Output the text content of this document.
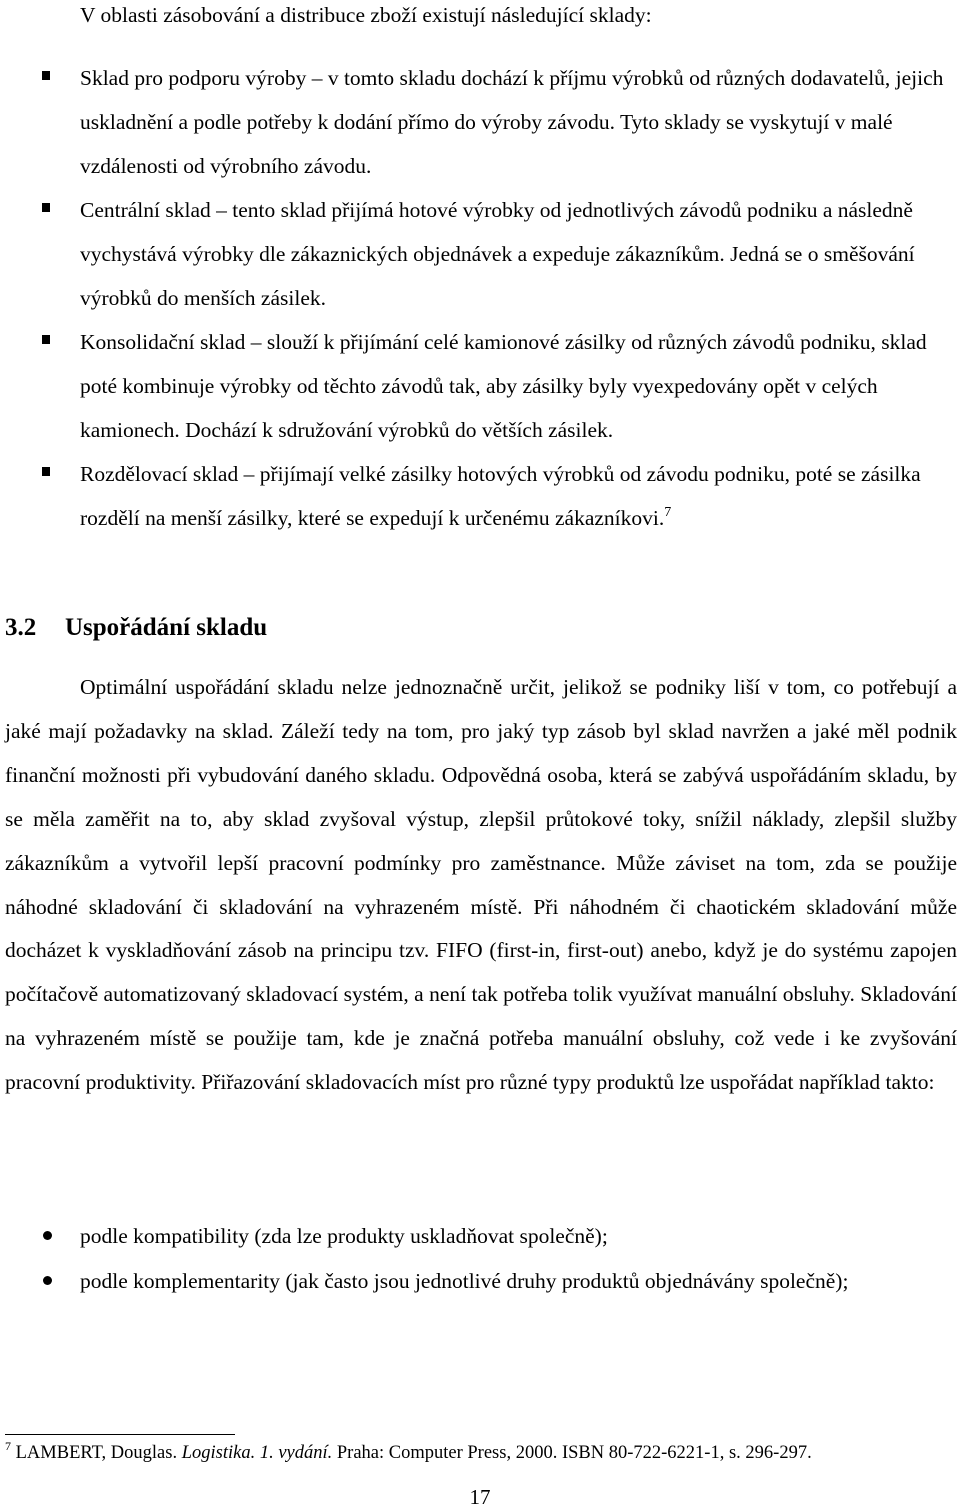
V oblasti zásobování a distribuce zboží existují následující sklady:
Sklad pro podporu výroby – v tomto skladu dochází k příjmu výrobků od různých dodavatelů, jejich uskladnění a podle potřeby k dodání přímo do výroby závodu. Tyto sklady se vyskytují v malé vzdálenosti od výrobního závodu.
Centrální sklad – tento sklad přijímá hotové výrobky od jednotlivých závodů podniku a následně vychystává výrobky dle zákaznických objednávek a expeduje zákazníkům. Jedná se o směšování výrobků do menších zásilek.
Konsolidační sklad – slouží k přijímání celé kamionové zásilky od různých závodů podniku, sklad poté kombinuje výrobky od těchto závodů tak, aby zásilky byly vyexpedovány opět v celých kamionech. Dochází k sdružování výrobků do větších zásilek.
Rozdělovací sklad – přijímají velké zásilky hotových výrobků od závodu podniku, poté se zásilka rozdělí na menší zásilky, které se expedují k určenému zákazníkovi.$^7$
3.2 Uspořádání skladu

Optimální uspořádání skladu nelze jednoznačně určit, jelikož se podniky liší v tom, co potřebují a jaké mají požadavky na sklad. Záleží tedy na tom, pro jaký typ zásob byl sklad navržen a jaké měl podnik finanční možnosti při vybudování daného skladu. Odpovědná osoba, která se zabývá uspořádáním skladu, by se měla zaměřit na to, aby sklad zvyšoval výstup, zlepšil průtokové toky, snížil náklady, zlepšil služby zákazníkům a vytvořil lepší pracovní podmínky pro zaměstnance. Může záviset na tom, zda se použije náhodné skladování či skladování na vyhrazeném místě. Při náhodném či chaotickém skladování může docházet k vyskladňování zásob na principu tzv. FIFO (first-in, first-out) anebo, když je do systému zapojen počítačově automatizovaný skladovací systém, a není tak potřeba tolik využívat manuální obsluhy. Skladování na vyhrazeném místě se použije tam, kde je značná potřeba manuální obsluhy, což vede i ke zvyšování pracovní produktivity. Přiřazování skladovacích míst pro různé typy produktů lze uspořádat například takto:

podle kompatibility (zda lze produkty uskladňovat společně);
podle komplementarity (jak často jsou jednotlivé druhy produktů objednávány společně);
$^7$ LAMBERT, Douglas. Logistika. 1. vydání. Praha: Computer Press, 2000. ISBN 80-722-6221-1, s. 296-297.
17
